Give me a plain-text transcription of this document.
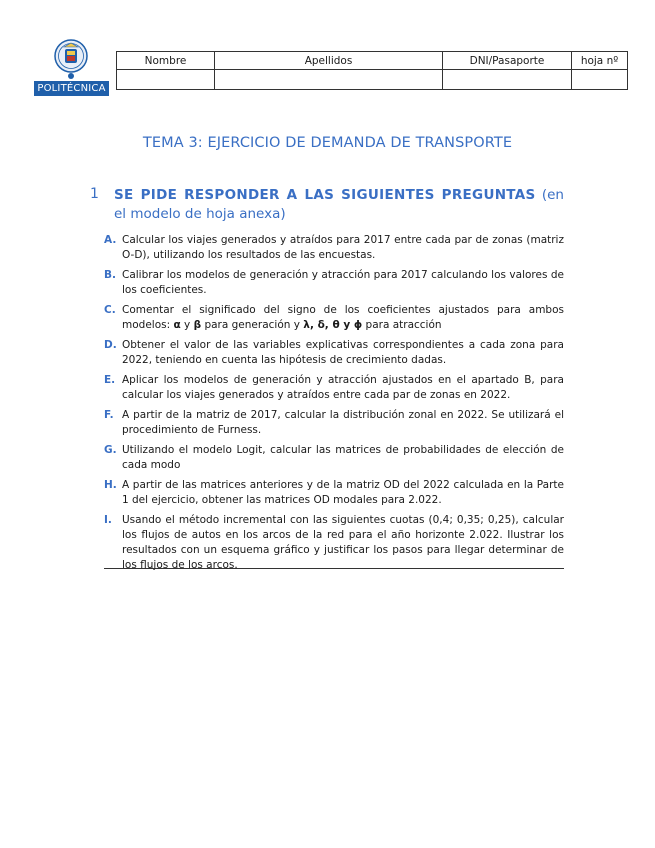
POLITÉCNICA
Nombre	Apellidos	DNI/Pasaporte	hoja nº

TEMA 3: EJERCICIO DE DEMANDA DE TRANSPORTE
1 SE PIDE RESPONDER A LAS SIGUIENTES PREGUNTAS (en el modelo de hoja anexa)
A. Calcular los viajes generados y atraídos para 2017 entre cada par de zonas (matriz O-D), utilizando los resultados de las encuestas.
B. Calibrar los modelos de generación y atracción para 2017 calculando los valores de los coeficientes.
C. Comentar el significado del signo de los coeficientes ajustados para ambos modelos: α y β para generación y λ, δ, θ y ϕ para atracción
D. Obtener el valor de las variables explicativas correspondientes a cada zona para 2022, teniendo en cuenta las hipótesis de crecimiento dadas.
E. Aplicar los modelos de generación y atracción ajustados en el apartado B, para calcular los viajes generados y atraídos entre cada par de zonas en 2022.
F. A partir de la matriz de 2017, calcular la distribución zonal en 2022. Se utilizará el procedimiento de Furness.
G. Utilizando el modelo Logit, calcular las matrices de probabilidades de elección de cada modo
H. A partir de las matrices anteriores y de la matriz OD del 2022 calculada en la Parte 1 del ejercicio, obtener las matrices OD modales para 2.022.
I. Usando el método incremental con las siguientes cuotas (0,4; 0,35; 0,25), calcular los flujos de autos en los arcos de la red para el año horizonte 2.022. Ilustrar los resultados con un esquema gráfico y justificar los pasos para llegar determinar de los flujos de los arcos.
